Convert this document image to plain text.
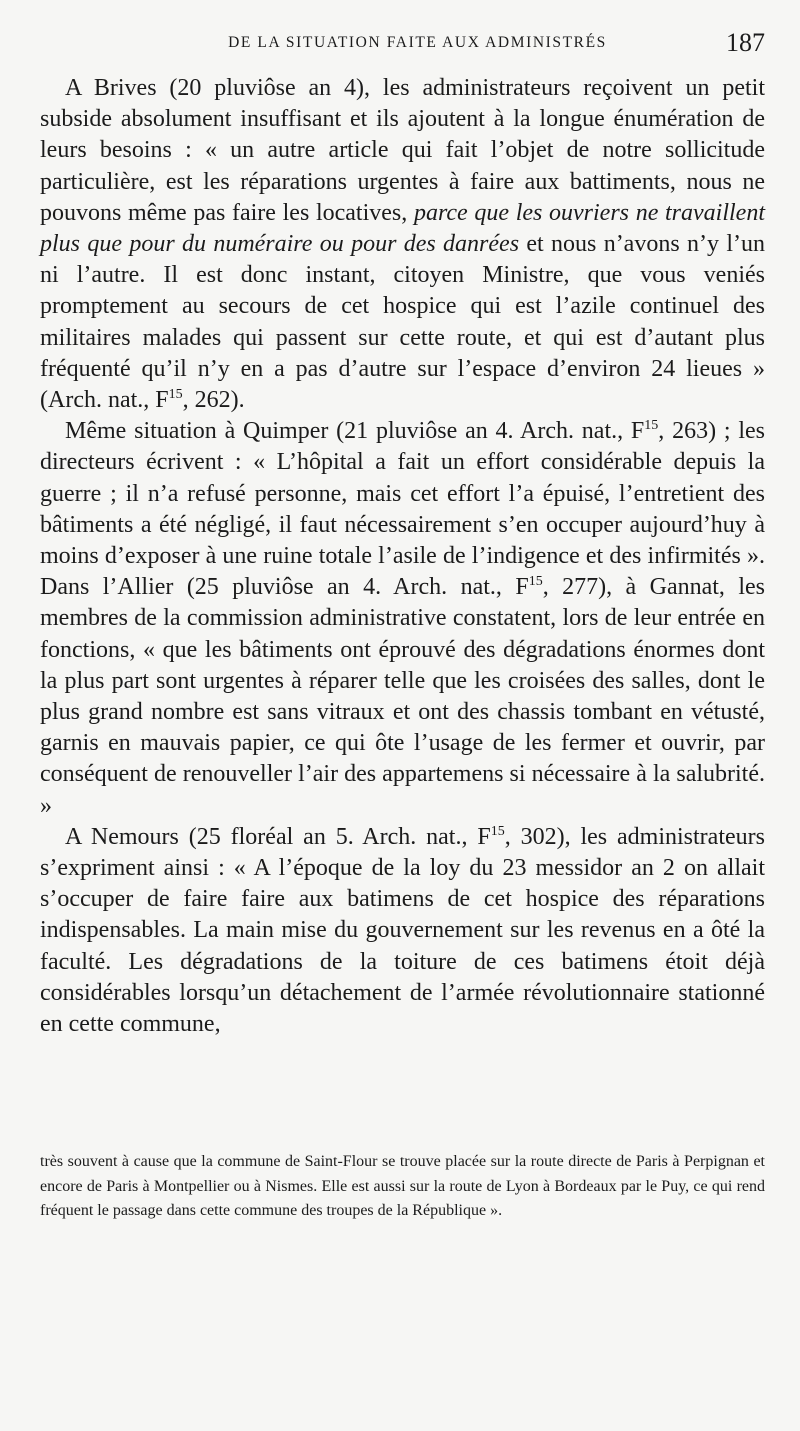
DE LA SITUATION FAITE AUX ADMINISTRÉS	187

A Brives (20 pluviôse an 4), les administrateurs reçoivent un petit subside absolument insuffisant et ils ajoutent à la longue énumération de leurs besoins : « un autre article qui fait l’objet de notre sollicitude particulière, est les réparations urgentes à faire aux battiments, nous ne pouvons même pas faire les locatives, parce que les ouvriers ne travaillent plus que pour du numéraire ou pour des danrées et nous n’avons n’y l’un ni l’autre. Il est donc instant, citoyen Ministre, que vous veniés promptement au secours de cet hospice qui est l’azile continuel des militaires malades qui passent sur cette route, et qui est d’autant plus fréquenté qu’il n’y en a pas d’autre sur l’espace d’environ 24 lieues » (Arch. nat., $F^{15}$, 262).

Même situation à Quimper (21 pluviôse an 4. Arch. nat., $F^{15}$, 263) ; les directeurs écrivent : « L’hôpital a fait un effort considérable depuis la guerre ; il n’a refusé personne, mais cet effort l’a épuisé, l’entretient des bâtiments a été négligé, il faut nécessairement s’en occuper aujourd’huy à moins d’exposer à une ruine totale l’asile de l’indigence et des infirmités ». Dans l’Allier (25 pluviôse an 4. Arch. nat., $F^{15}$, 277), à Gannat, les membres de la commission administrative constatent, lors de leur entrée en fonctions, « que les bâtiments ont éprouvé des dégradations énormes dont la plus part sont urgentes à réparer telle que les croisées des salles, dont le plus grand nombre est sans vitraux et ont des chassis tombant en vétusté, garnis en mauvais papier, ce qui ôte l’usage de les fermer et ouvrir, par conséquent de renouveller l’air des appartemens si nécessaire à la salubrité. »

A Nemours (25 floréal an 5. Arch. nat., $F^{15}$, 302), les administrateurs s’expriment ainsi : « A l’époque de la loy du 23 messidor an 2 on allait s’occuper de faire faire aux batimens de cet hospice des réparations indispensables. La main mise du gouvernement sur les revenus en a ôté la faculté. Les dégradations de la toiture de ces batimens étoit déjà considérables lorsqu’un détachement de l’armée révolutionnaire stationné en cette commune,

très souvent à cause que la commune de Saint-Flour se trouve placée sur la route directe de Paris à Perpignan et encore de Paris à Montpellier ou à Nismes. Elle est aussi sur la route de Lyon à Bordeaux par le Puy, ce qui rend fréquent le passage dans cette commune des troupes de la République ».
